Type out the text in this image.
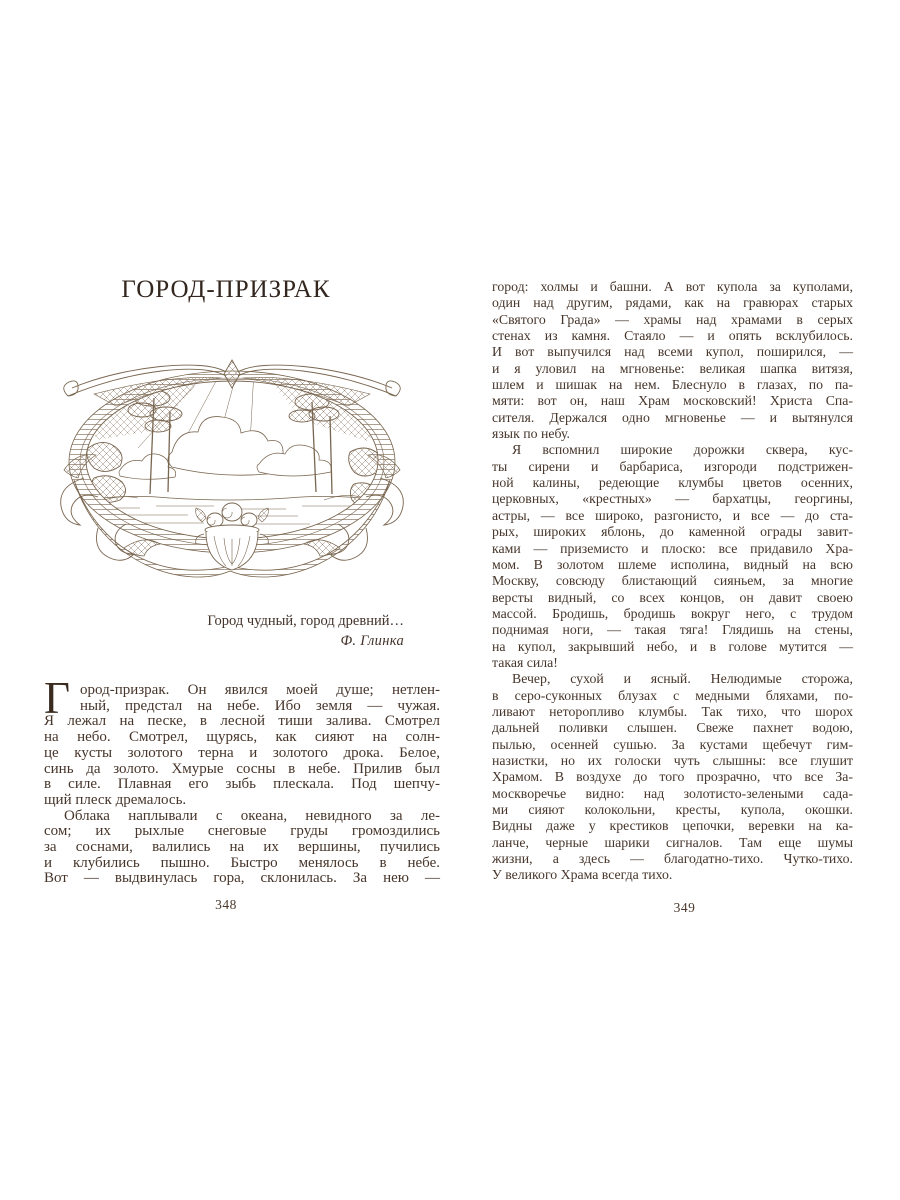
ГОРОД-ПРИЗРАК
Город чудный, город древний…
Ф. Глинка
Г ород-призрак. Он явился моей душе; нетлен-
ный, предстал на небе. Ибо земля — чужая.
Я лежал на песке, в лесной тиши залива. Смотрел
на небо. Смотрел, щурясь, как сияют на солн-
це кусты золотого терна и золотого дрока. Белое,
синь да золото. Хмурые сосны в небе. Прилив был
в силе. Плавная его зыбь плескала. Под шепчу-
щий плеск дремалось.
Облака наплывали с океана, невидного за ле-
сом; их рыхлые снеговые груды громоздились
за соснами, валились на их вершины, пучились
и клубились пышно. Быстро менялось в небе.
Вот — выдвинулась гора, склонилась. За нею —
348
город: холмы и башни. А вот купола за куполами,
один над другим, рядами, как на гравюрах старых
«Святого Града» — храмы над храмами в серых
стенах из камня. Стаяло — и опять всклубилось.
И вот выпучился над всеми купол, поширился, —
и я уловил на мгновенье: великая шапка витязя,
шлем и шишак на нем. Блеснуло в глазах, по па-
мяти: вот он, наш Храм московский! Христа Спа-
сителя. Держался одно мгновенье — и вытянулся
язык по небу.
Я вспомнил широкие дорожки сквера, кус-
ты сирени и барбариса, изгороди подстрижен-
ной калины, редеющие клумбы цветов осенних,
церковных, «крестных» — бархатцы, георгины,
астры, — все широко, разгонисто, и все — до ста-
рых, широких яблонь, до каменной ограды завит-
ками — приземисто и плоско: все придавило Хра-
мом. В золотом шлеме исполина, видный на всю
Москву, совсюду блистающий сияньем, за многие
версты видный, со всех концов, он давит своею
массой. Бродишь, бродишь вокруг него, с трудом
поднимая ноги, — такая тяга! Глядишь на стены,
на купол, закрывший небо, и в голове мутится —
такая сила!
Вечер, сухой и ясный. Нелюдимые сторожа,
в серо-суконных блузах с медными бляхами, по-
ливают неторопливо клумбы. Так тихо, что шорох
дальней поливки слышен. Свеже пахнет водою,
пылью, осенней сушью. За кустами щебечут гим-
назистки, но их голоски чуть слышны: все глушит
Храмом. В воздухе до того прозрачно, что все За-
москворечье видно: над золотисто-зелеными сада-
ми сияют колокольни, кресты, купола, окошки.
Видны даже у крестиков цепочки, веревки на ка-
ланче, черные шарики сигналов. Там еще шумы
жизни, а здесь — благодатно-тихо. Чутко-тихо.
У великого Храма всегда тихо.
349
